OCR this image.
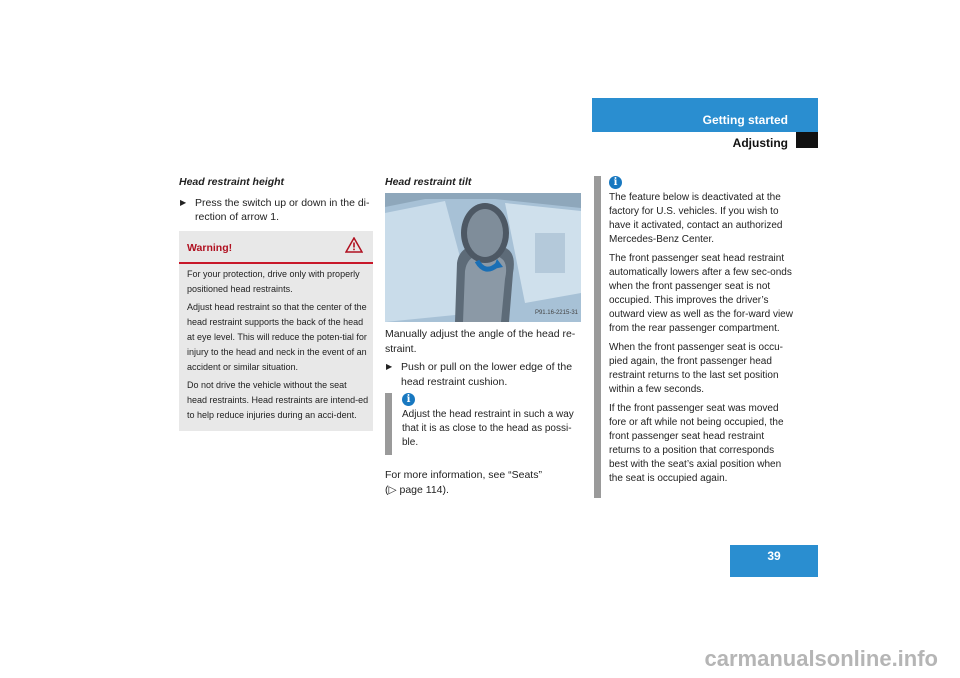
Getting started
Adjusting

Head restraint height

▶ Press the switch up or down in the di-rection of arrow 1.

Warning!

For your protection, drive only with properly positioned head restraints.

Adjust head restraint so that the center of the head restraint supports the back of the head at eye level. This will reduce the poten-tial for injury to the head and neck in the event of an accident or similar situation.

Do not drive the vehicle without the seat head restraints. Head restraints are intend-ed to help reduce injuries during an acci-dent.

Head restraint tilt

P91.16-2215-31

Manually adjust the angle of the head re-straint.

▶ Push or pull on the lower edge of the head restraint cushion.

i

Adjust the head restraint in such a way that it is as close to the head as possi-ble.

For more information, see “Seats”

(▷ page 114).

i

The feature below is deactivated at the factory for U.S. vehicles. If you wish to have it activated, contact an authorized Mercedes-Benz Center.

The front passenger seat head restraint automatically lowers after a few sec-onds when the front passenger seat is not occupied. This improves the driver’s outward view as well as the for-ward view from the rear passenger compartment.

When the front passenger seat is occu-pied again, the front passenger head restraint returns to the last set position within a few seconds.

If the front passenger seat was moved fore or aft while not being occupied, the front passenger seat head restraint returns to a position that corresponds best with the seat’s axial position when the seat is occupied again.

39
carmanualsonline.info
